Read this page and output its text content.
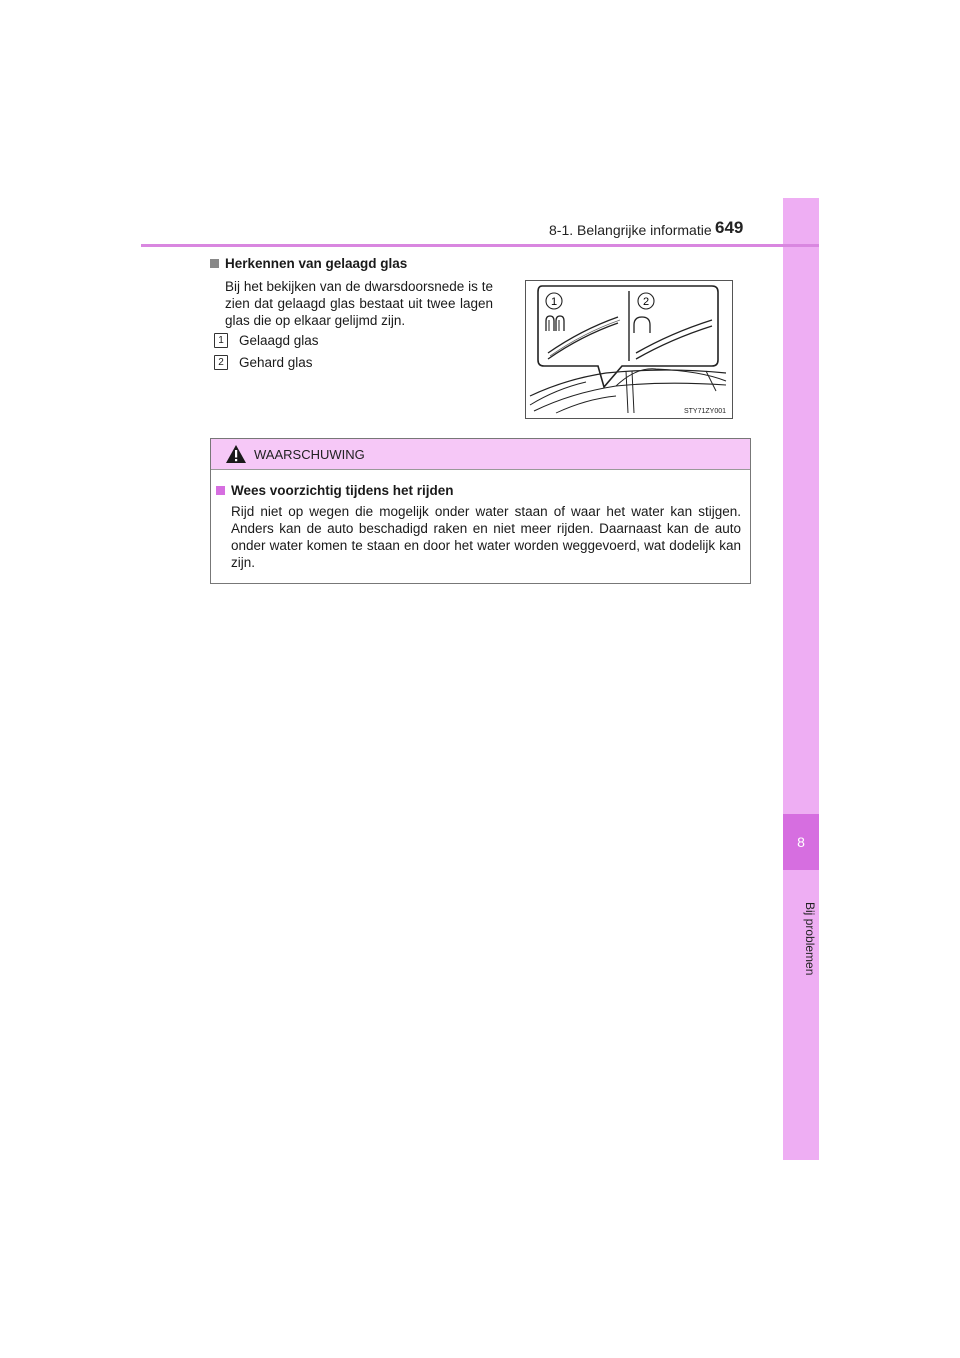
8
Bij problemen
8-1. Belangrijke informatie 649
Herkennen van gelaagd glas
Bij het bekijken van de dwarsdoorsnede is te zien dat gelaagd glas bestaat uit twee lagen glas die op elkaar gelijmd zijn.
1	Gelaagd glas
2	Gehard glas
1	2
STY71ZY001
WAARSCHUWING
Wees voorzichtig tijdens het rijden
Rijd niet op wegen die mogelijk onder water staan of waar het water kan stijgen. Anders kan de auto beschadigd raken en niet meer rijden. Daarnaast kan de auto onder water komen te staan en door het water worden weggevoerd, wat dodelijk kan zijn.
